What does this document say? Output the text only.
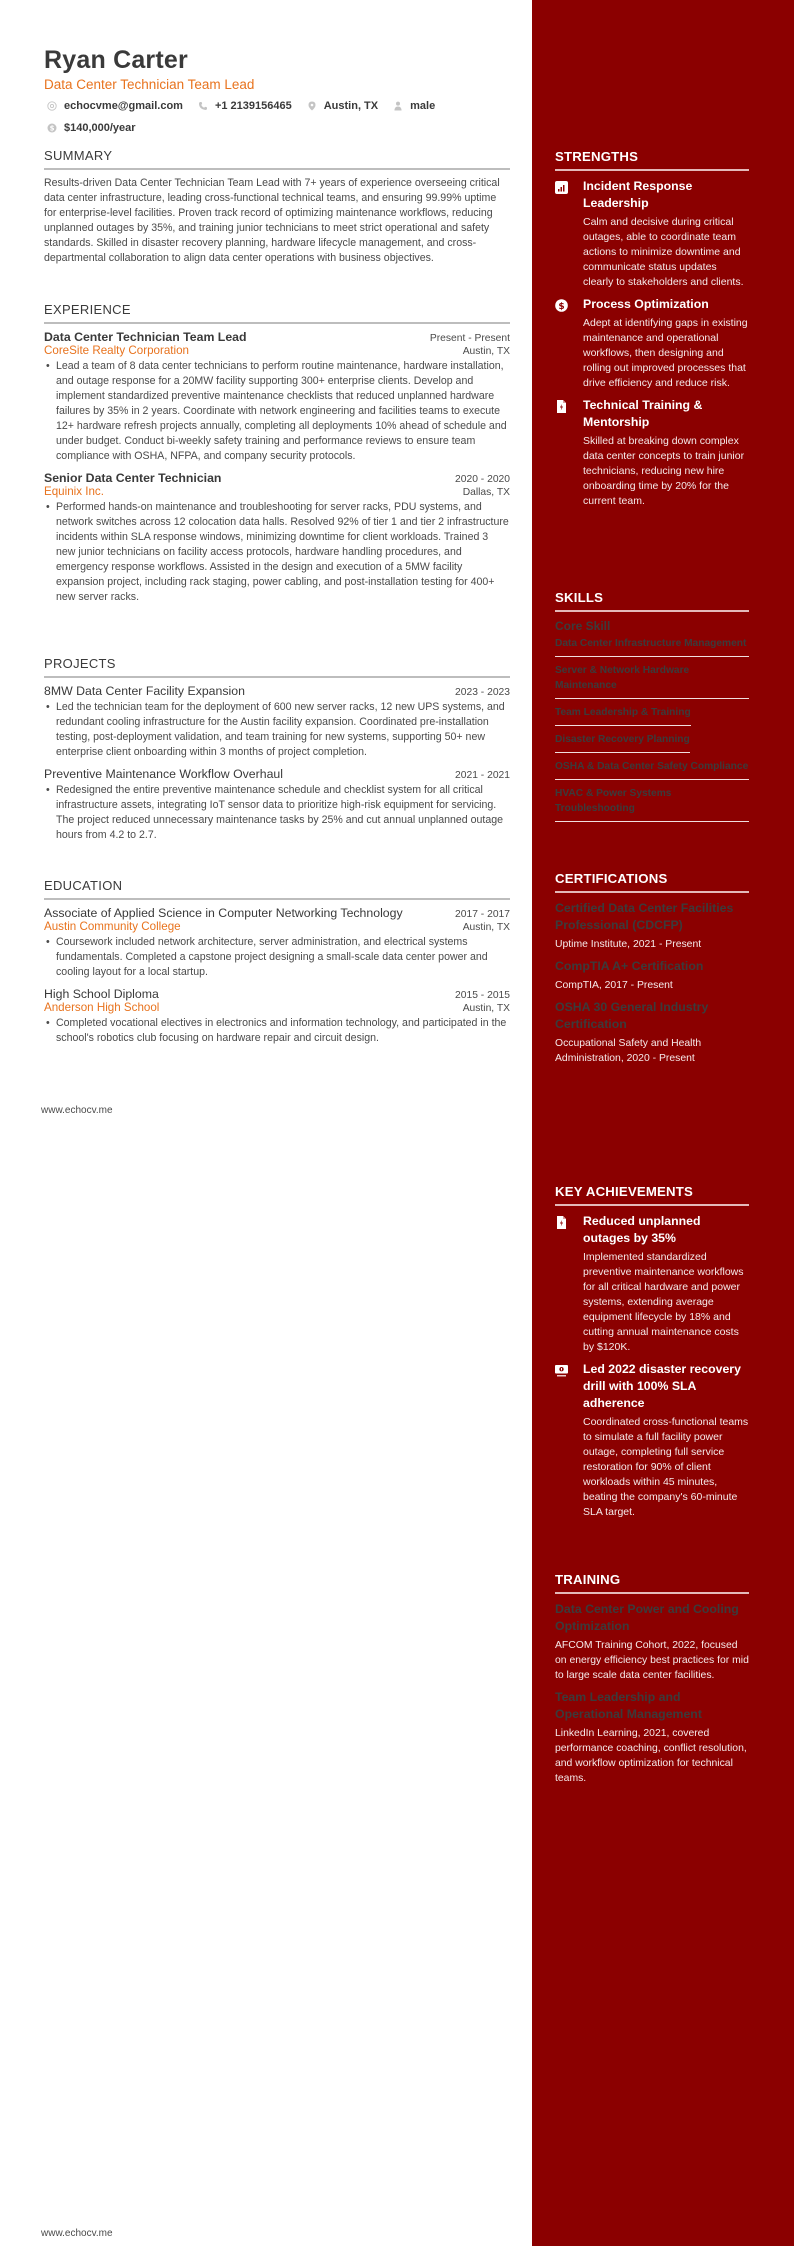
Ryan Carter
Data Center Technician Team Lead
echocvme@gmail.com	+1 2139156465	Austin, TX	male
$ $140,000/year
SUMMARY
Results-driven Data Center Technician Team Lead with 7+ years of experience overseeing critical data center infrastructure, leading cross-functional technical teams, and ensuring 99.99% uptime for enterprise-level facilities. Proven track record of optimizing maintenance workflows, reducing unplanned outages by 35%, and training junior technicians to meet strict operational and safety standards. Skilled in disaster recovery planning, hardware lifecycle management, and cross-departmental collaboration to align data center operations with business objectives.
EXPERIENCE
Data Center Technician Team Lead	Present - Present
CoreSite Realty Corporation	Austin, TX
• Lead a team of 8 data center technicians to perform routine maintenance, hardware installation, and outage response for a 20MW facility supporting 300+ enterprise clients. Develop and implement standardized preventive maintenance checklists that reduced unplanned hardware failures by 35% in 2 years. Coordinate with network engineering and facilities teams to execute 12+ hardware refresh projects annually, completing all deployments 10% ahead of schedule and under budget. Conduct bi-weekly safety training and performance reviews to ensure team compliance with OSHA, NFPA, and company security protocols.
Senior Data Center Technician	2020 - 2020
Equinix Inc.	Dallas, TX
• Performed hands-on maintenance and troubleshooting for server racks, PDU systems, and network switches across 12 colocation data halls. Resolved 92% of tier 1 and tier 2 infrastructure incidents within SLA response windows, minimizing downtime for client workloads. Trained 3 new junior technicians on facility access protocols, hardware handling procedures, and emergency response workflows. Assisted in the design and execution of a 5MW facility expansion project, including rack staging, power cabling, and post-installation testing for 400+ new server racks.
PROJECTS
8MW Data Center Facility Expansion	2023 - 2023
• Led the technician team for the deployment of 600 new server racks, 12 new UPS systems, and redundant cooling infrastructure for the Austin facility expansion. Coordinated pre-installation testing, post-deployment validation, and team training for new systems, supporting 50+ new enterprise client onboarding within 3 months of project completion.
Preventive Maintenance Workflow Overhaul	2021 - 2021
• Redesigned the entire preventive maintenance schedule and checklist system for all critical infrastructure assets, integrating IoT sensor data to prioritize high-risk equipment for servicing. The project reduced unnecessary maintenance tasks by 25% and cut annual unplanned outage hours from 4.2 to 2.7.
EDUCATION
Associate of Applied Science in Computer Networking Technology	2017 - 2017
Austin Community College	Austin, TX
• Coursework included network architecture, server administration, and electrical systems fundamentals. Completed a capstone project designing a small-scale data center power and cooling layout for a local startup.
High School Diploma	2015 - 2015
Anderson High School	Austin, TX
• Completed vocational electives in electronics and information technology, and participated in the school's robotics club focusing on hardware repair and circuit design.
www.echocv.me
www.echocv.me
STRENGTHS
Incident Response Leadership
Calm and decisive during critical outages, able to coordinate team actions to minimize downtime and communicate status updates clearly to stakeholders and clients.
$ Process Optimization
Adept at identifying gaps in existing maintenance and operational workflows, then designing and rolling out improved processes that drive efficiency and reduce risk.
Technical Training & Mentorship
Skilled at breaking down complex data center concepts to train junior technicians, reducing new hire onboarding time by 20% for the current team.
SKILLS
Core Skill
Data Center Infrastructure Management
Server & Network Hardware Maintenance
Team Leadership & Training
Disaster Recovery Planning
OSHA & Data Center Safety Compliance
HVAC & Power Systems Troubleshooting
CERTIFICATIONS
Certified Data Center Facilities Professional (CDCFP)
Uptime Institute, 2021 - Present
CompTIA A+ Certification
CompTIA, 2017 - Present
OSHA 30 General Industry Certification
Occupational Safety and Health Administration, 2020 - Present
KEY ACHIEVEMENTS
Reduced unplanned outages by 35%
Implemented standardized preventive maintenance workflows for all critical hardware and power systems, extending average equipment lifecycle by 18% and cutting annual maintenance costs by $120K.
Led 2022 disaster recovery drill with 100% SLA adherence
Coordinated cross-functional teams to simulate a full facility power outage, completing full service restoration for 90% of client workloads within 45 minutes, beating the company's 60-minute SLA target.
TRAINING
Data Center Power and Cooling Optimization
AFCOM Training Cohort, 2022, focused on energy efficiency best practices for mid to large scale data center facilities.
Team Leadership and Operational Management
LinkedIn Learning, 2021, covered performance coaching, conflict resolution, and workflow optimization for technical teams.
